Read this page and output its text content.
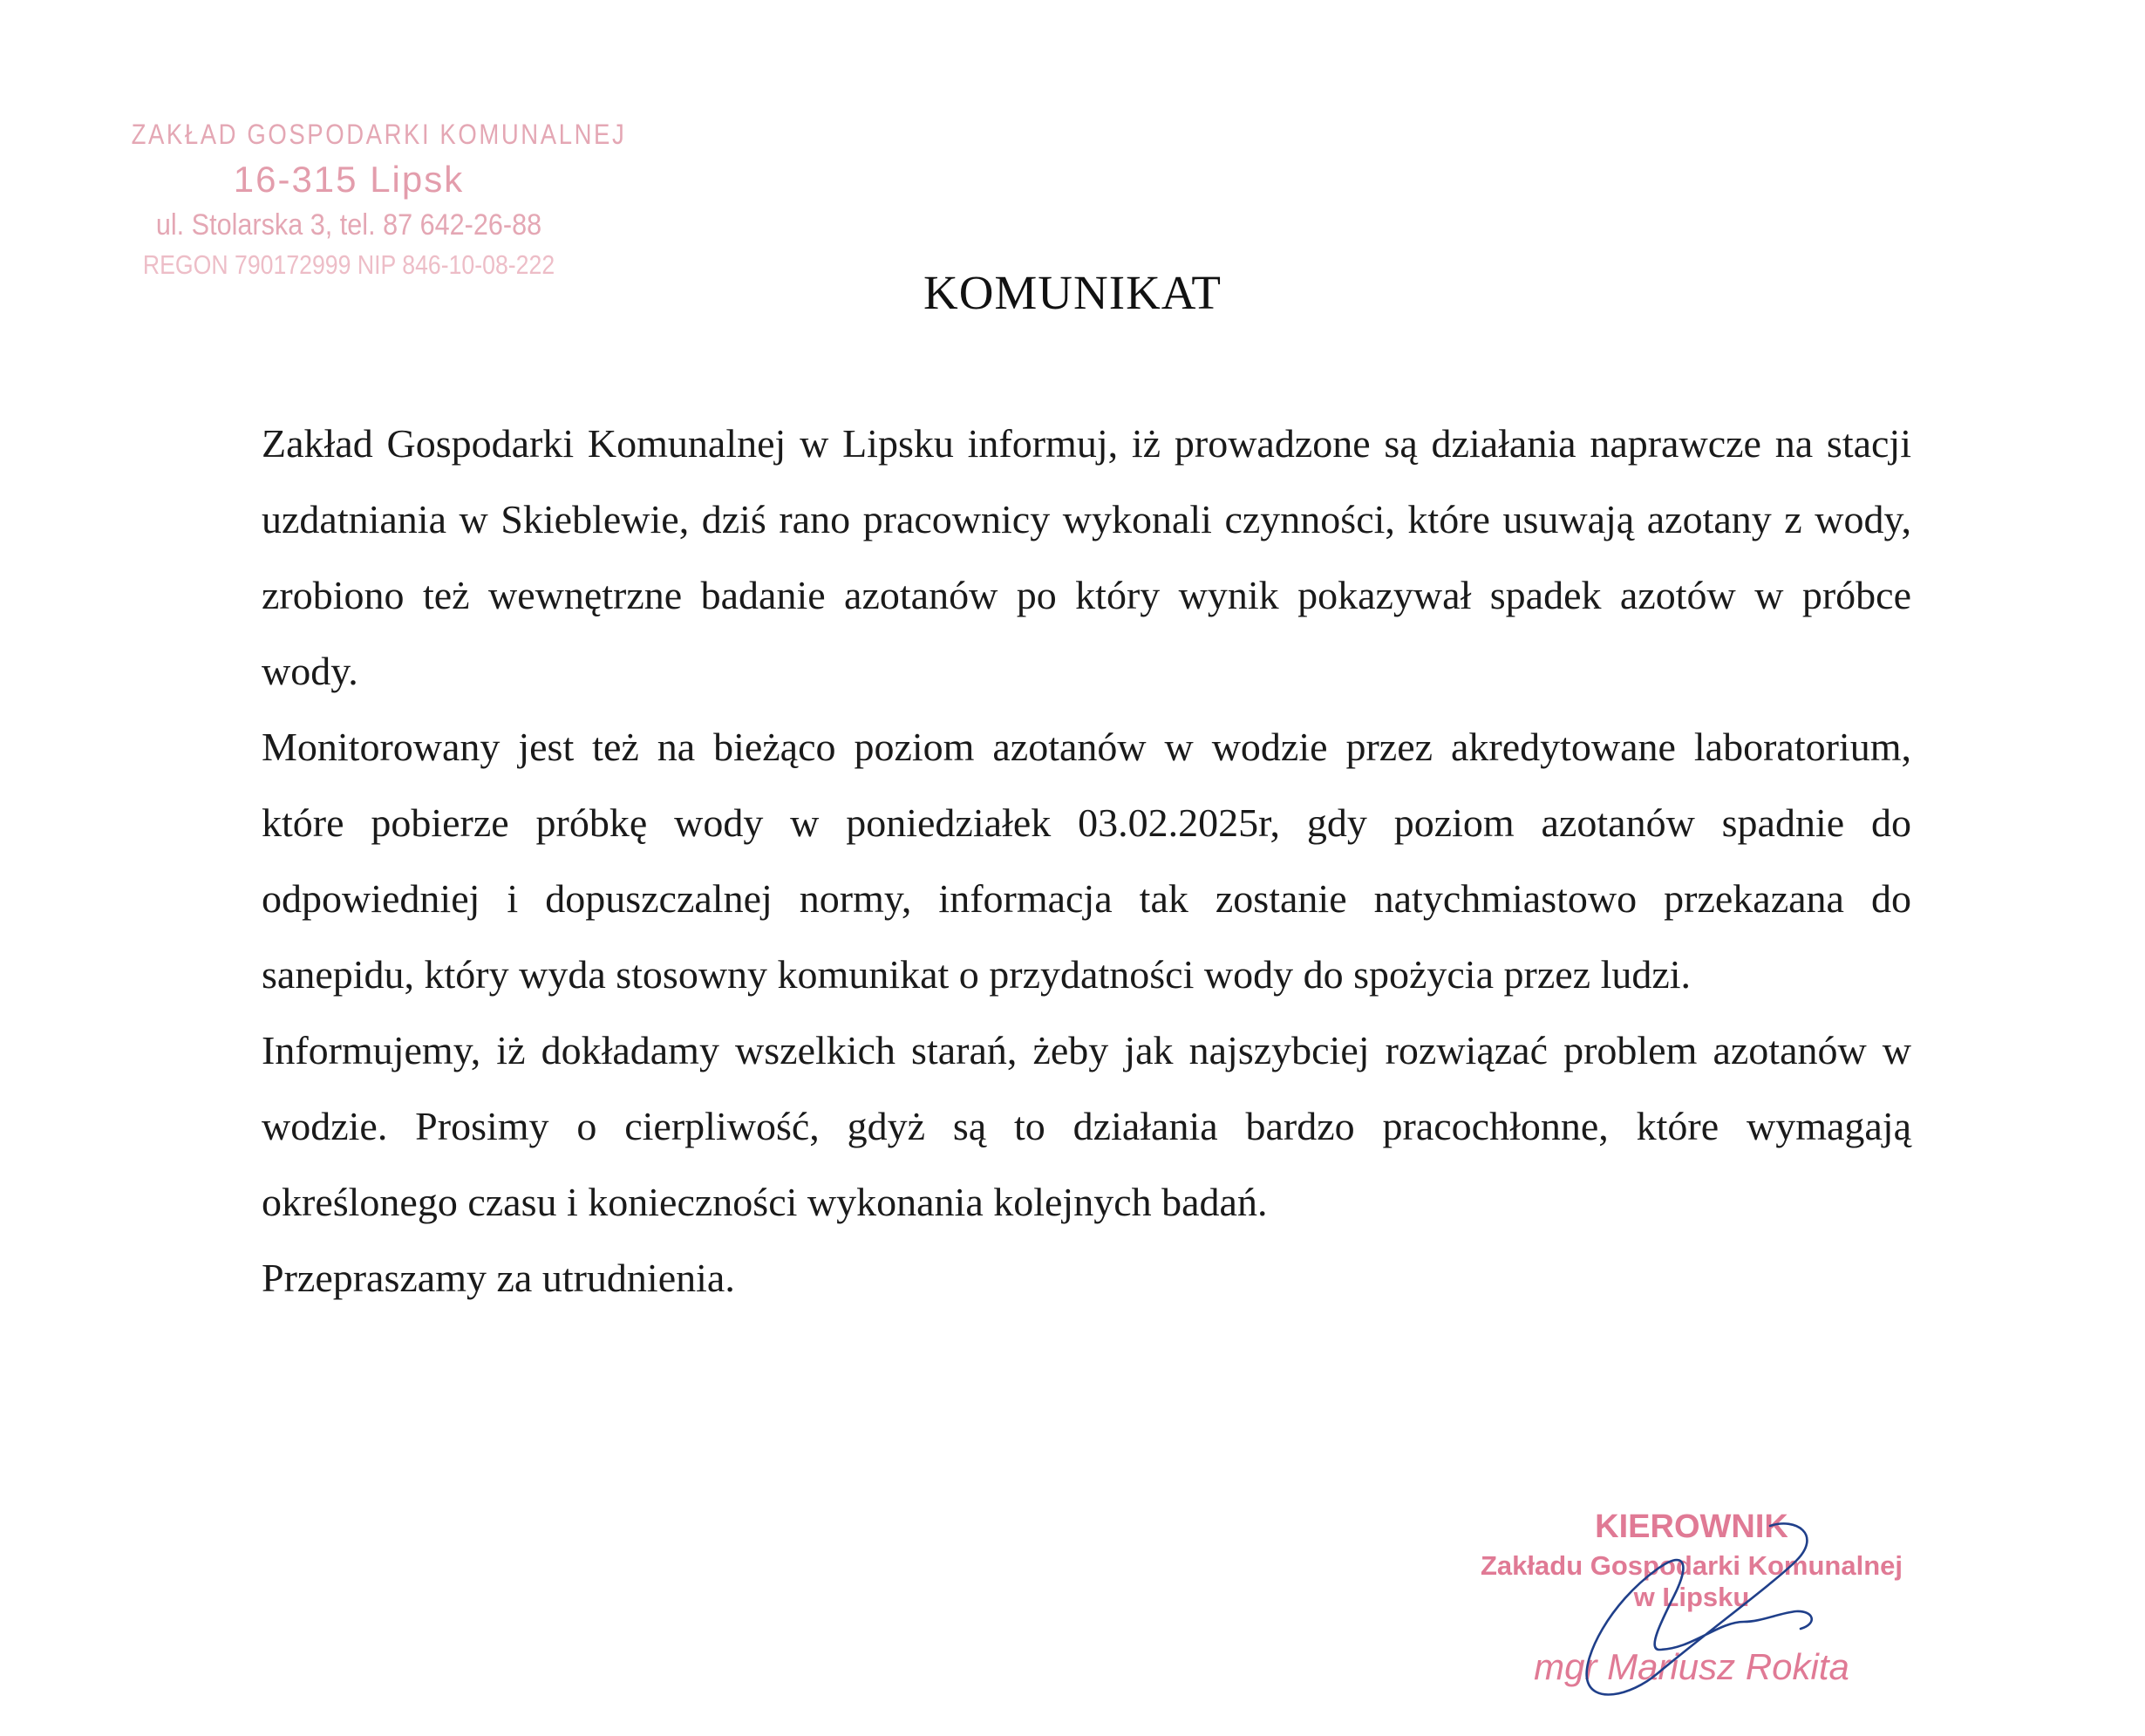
ZAKŁAD GOSPODARKI KOMUNALNEJ
16-315 Lipsk
ul. Stolarska 3, tel. 87 642-26-88
REGON 790172999 NIP 846-10-08-222
KOMUNIKAT

Zakład Gospodarki Komunalnej w Lipsku informuj, iż prowadzone są działania naprawcze na stacji uzdatniania w Skieblewie, dziś rano pracownicy wykonali czynności, które usuwają azotany z wody, zrobiono też wewnętrzne badanie azotanów po który wynik pokazywał spadek azotów w próbce wody.

Monitorowany jest też na bieżąco poziom azotanów w wodzie przez akredytowane laboratorium, które pobierze próbkę wody w poniedziałek 03.02.2025r, gdy poziom azotanów spadnie do odpowiedniej i dopuszczalnej normy, informacja tak zostanie natychmiastowo przekazana do sanepidu, który wyda stosowny komunikat o przydatności wody do spożycia przez ludzi.

Informujemy, iż dokładamy wszelkich starań, żeby jak najszybciej rozwiązać problem azotanów w wodzie. Prosimy o cierpliwość, gdyż są to działania bardzo pracochłonne, które wymagają określonego czasu i konieczności wykonania kolejnych badań.

Przepraszamy za utrudnienia.

KIEROWNIK
Zakładu Gospodarki Komunalnej
w Lipsku
mgr Mariusz Rokita
